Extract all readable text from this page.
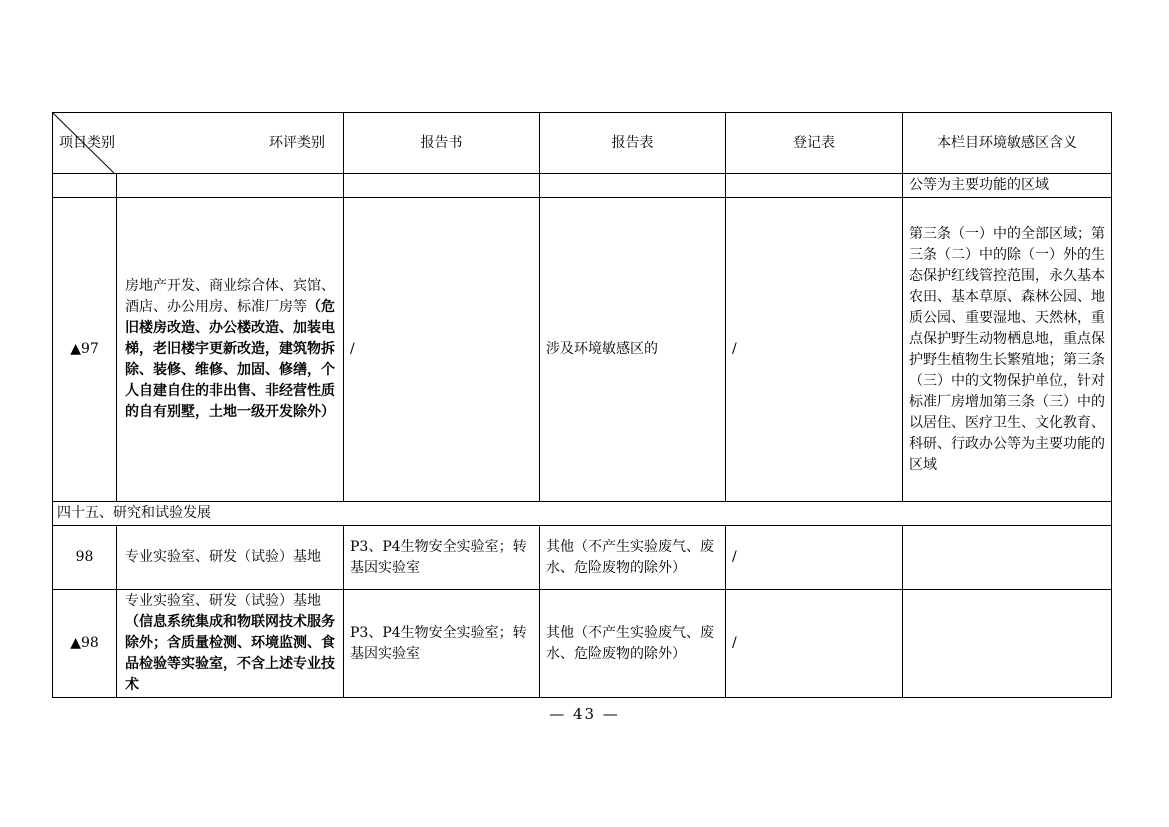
项目类别 环评类别		报告书	报告表	登记表	本栏目环境敏感区含义
					公等为主要功能的区域
▲97	房地产开发、商业综合体、宾馆、酒店、办公用房、标准厂房等（危旧楼房改造、办公楼改造、加装电梯，老旧楼宇更新改造，建筑物拆除、装修、维修、加固、修缮，个人自建自住的非出售、非经营性质的自有别墅，土地一级开发除外）	/	涉及环境敏感区的	/	第三条（一）中的全部区域；第三条（二）中的除（一）外的生态保护红线管控范围，永久基本农田、基本草原、森林公园、地质公园、重要湿地、天然林，重点保护野生动物栖息地，重点保护野生植物生长繁殖地；第三条（三）中的文物保护单位，针对标准厂房增加第三条（三）中的以居住、医疗卫生、文化教育、科研、行政办公等为主要功能的区域
四十五、研究和试验发展					
98	专业实验室、研发（试验）基地	P3、P4生物安全实验室；转基因实验室	其他（不产生实验废气、废水、危险废物的除外）	/	
▲98	专业实验室、研发（试验）基地（信息系统集成和物联网技术服务除外；含质量检测、环境监测、食品检验等实验室，不含上述专业技术	P3、P4生物安全实验室；转基因实验室	其他（不产生实验废气、废水、危险废物的除外）	/	
— 43 —
